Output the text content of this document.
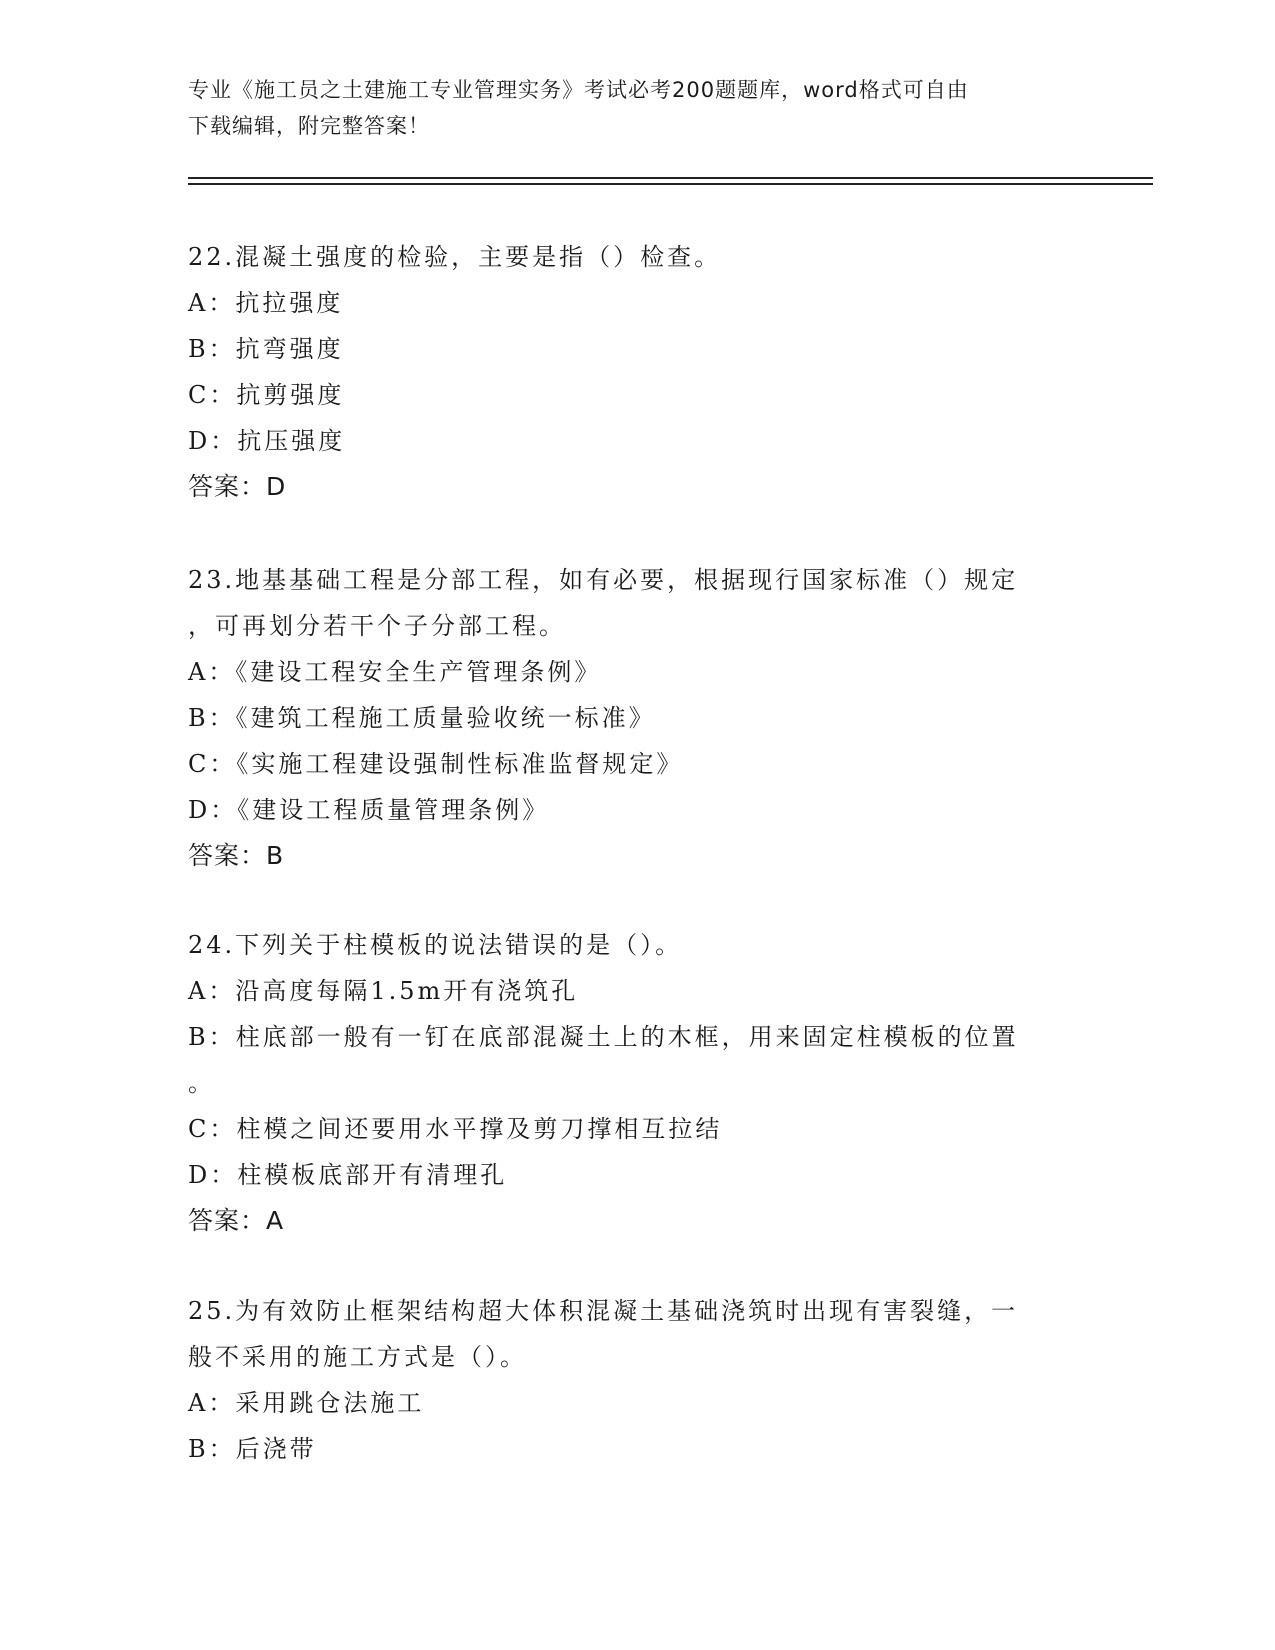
专业《施工员之土建施工专业管理实务》考试必考200题题库，word格式可自由
下载编辑，附完整答案！
22.混凝土强度的检验，主要是指（）检查。
A：抗拉强度
B：抗弯强度
C：抗剪强度
D：抗压强度
答案：D
23.地基基础工程是分部工程，如有必要，根据现行国家标准（）规定
，可再划分若干个子分部工程。
A：《建设工程安全生产管理条例》
B：《建筑工程施工质量验收统一标准》
C：《实施工程建设强制性标准监督规定》
D：《建设工程质量管理条例》
答案：B
24.下列关于柱模板的说法错误的是（）。
A：沿高度每隔1.5m开有浇筑孔
B：柱底部一般有一钉在底部混凝土上的木框，用来固定柱模板的位置
。
C：柱模之间还要用水平撑及剪刀撑相互拉结
D：柱模板底部开有清理孔
答案：A
25.为有效防止框架结构超大体积混凝土基础浇筑时出现有害裂缝，一
般不采用的施工方式是（）。
A：采用跳仓法施工
B：后浇带
